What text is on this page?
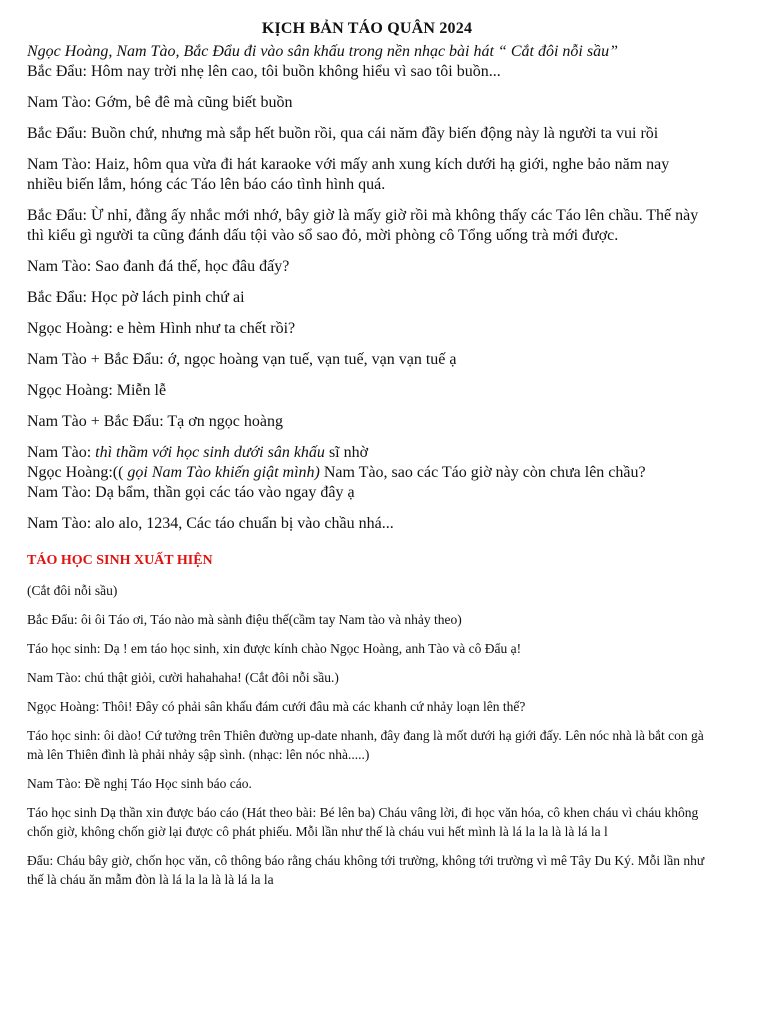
KỊCH BẢN TÁO QUÂN 2024

Ngọc Hoàng, Nam Tào, Bắc Đẩu đi vào sân khấu trong nền nhạc bài hát “ Cắt đôi nỗi sầu”

Bắc Đẩu: Hôm nay trời nhẹ lên cao, tôi buồn không hiểu vì sao tôi buồn...

Nam Tào: Gớm, bê đê mà cũng biết buồn

Bắc Đẩu: Buồn chứ, nhưng mà sắp hết buồn rồi, qua cái năm đầy biến động này là người ta vui rồi

Nam Tào: Haiz, hôm qua vừa đi hát karaoke với mấy anh xung kích dưới hạ giới, nghe bảo năm nay nhiều biến lắm, hóng các Táo lên báo cáo tình hình quá.

Bắc Đẩu: Ừ nhỉ, đằng ấy nhắc mới nhớ, bây giờ là mấy giờ rồi mà không thấy các Táo lên chầu. Thế này thì kiểu gì người ta cũng đánh dấu tội vào sổ sao đỏ, mời phòng cô Tổng uống trà mới được.

Nam Tào: Sao đanh đá thế, học đâu đấy?

Bắc Đẩu: Học pờ lách pinh chứ ai

Ngọc Hoàng: e hèm Hình như ta chết rồi?

Nam Tào + Bắc Đẩu: ớ, ngọc hoàng vạn tuế, vạn tuế, vạn vạn tuế ạ

Ngọc Hoàng: Miễn lễ

Nam Tào + Bắc Đẩu: Tạ ơn ngọc hoàng

Nam Tào: thì thầm với học sinh dưới sân khấu sĩ nhờ

Ngọc Hoàng:(( gọi Nam Tào khiến giật mình) Nam Tào, sao các Táo giờ này còn chưa lên chầu?

Nam Tào: Dạ bẩm, thần gọi các táo vào ngay đây ạ

Nam Tào: alo alo, 1234, Các táo chuẩn bị vào chầu nhá...

TÁO HỌC SINH XUẤT HIỆN

(Cắt đôi nỗi sầu)

Bắc Đẩu: ôi ôi Táo ơi, Táo nào mà sành điệu thế(cầm tay Nam tào và nhảy theo)

Táo học sinh: Dạ ! em táo học sinh, xin được kính chào Ngọc Hoàng, anh Tào và cô Đẩu ạ!

Nam Tào: chú thật giỏi, cười hahahaha! (Cắt đôi nỗi sầu.)

Ngọc Hoàng: Thôi! Đây có phải sân khấu đám cưới đâu mà các khanh cứ nhảy loạn lên thế?

Táo học sinh: ôi dào! Cứ tưởng trên Thiên đường up-date nhanh, đây đang là mốt dưới hạ giới đấy. Lên nóc nhà là bắt con gà mà lên Thiên đình là phải nhảy sập sình. (nhạc: lên nóc nhà.....)

Nam Tào: Đề nghị Táo Học sinh báo cáo.

Táo học sinh Dạ thần xin được báo cáo (Hát theo bài: Bé lên ba) Cháu vâng lời, đi học văn hóa, cô khen cháu vì cháu không chốn giờ, không chốn giờ lại được cô phát phiếu. Mỗi lần như thế là cháu vui hết mình là lá la la là là lá la l

Đẩu: Cháu bây giờ, chốn học văn, cô thông báo rằng cháu không tới trường, không tới trường vì mê Tây Du Ký. Mỗi lần như thế là cháu ăn mẫm đòn là lá la la là là lá la la
